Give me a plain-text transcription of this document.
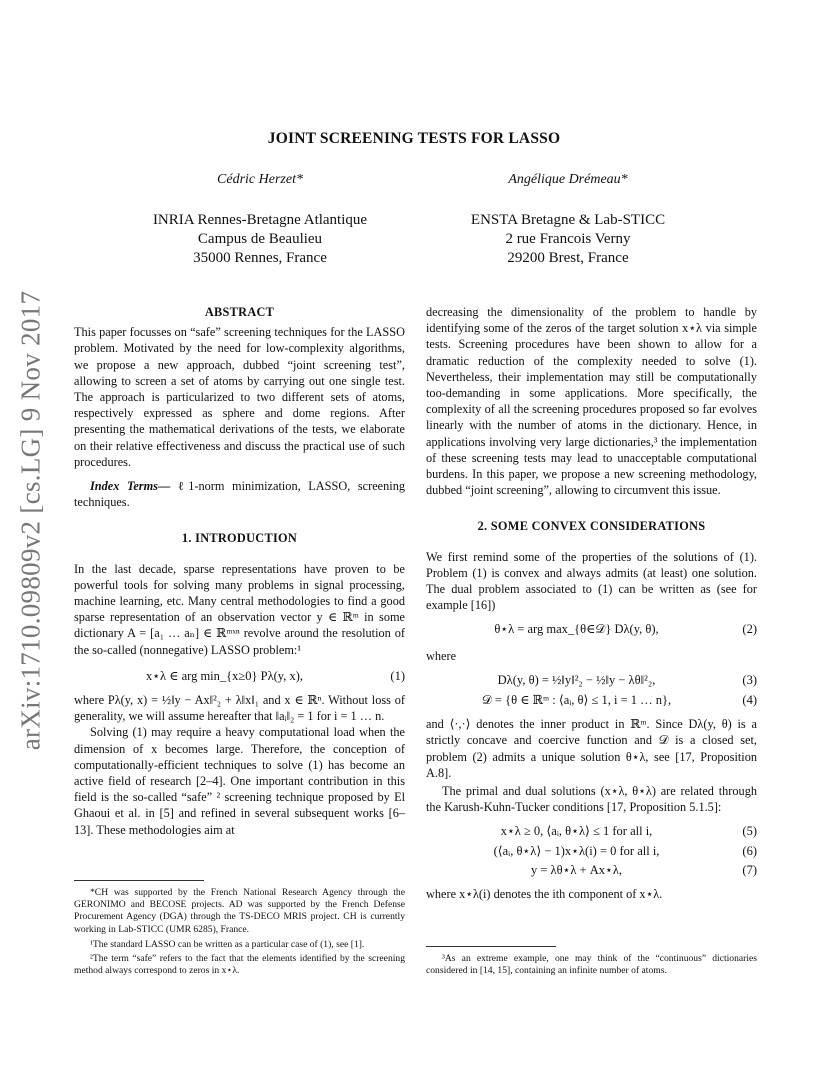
arXiv:1710.09809v2 [cs.LG] 9 Nov 2017
JOINT SCREENING TESTS FOR LASSO
Cédric Herzet*	Angélique Drémeau*
INRIA Rennes-Bretagne Atlantique
Campus de Beaulieu
35000 Rennes, France
ENSTA Bretagne & Lab-STICC
2 rue Francois Verny
29200 Brest, France
ABSTRACT

This paper focusses on “safe” screening techniques for the LASSO problem. Motivated by the need for low-complexity algorithms, we propose a new approach, dubbed “joint screening test”, allowing to screen a set of atoms by carrying out one single test. The approach is particularized to two different sets of atoms, respectively expressed as sphere and dome regions. After presenting the mathematical derivations of the tests, we elaborate on their relative effectiveness and discuss the practical use of such procedures.

Index Terms— ℓ1-norm minimization, LASSO, screening techniques.

1. INTRODUCTION

In the last decade, sparse representations have proven to be powerful tools for solving many problems in signal processing, machine learning, etc. Many central methodologies to find a good sparse representation of an observation vector y ∈ ℝᵐ in some dictionary A = [a₁ … aₙ] ∈ ℝᵐˣⁿ revolve around the resolution of the so-called (nonnegative) LASSO problem:¹

x⋆λ ∈ arg min_{x≥0} Pλ(y, x),	(1)

where Pλ(y, x) = ½‖y − Ax‖²₂ + λ‖x‖₁ and x ∈ ℝⁿ. Without loss of generality, we will assume hereafter that ‖aᵢ‖₂ = 1 for i = 1 … n.

Solving (1) may require a heavy computational load when the dimension of x becomes large. Therefore, the conception of computationally-efficient techniques to solve (1) has become an active field of research [2–4]. One important contribution in this field is the so-called “safe” ² screening technique proposed by El Ghaoui et al. in [5] and refined in several subsequent works [6–13]. These methodologies aim at

*CH was supported by the French National Research Agency through the GERONIMO and BECOSE projects. AD was supported by the French Defense Procurement Agency (DGA) through the TS-DECO MRIS project. CH is currently working in Lab-STICC (UMR 6285), France.

¹The standard LASSO can be written as a particular case of (1), see [1].

²The term “safe” refers to the fact that the elements identified by the screening method always correspond to zeros in x⋆λ.

decreasing the dimensionality of the problem to handle by identifying some of the zeros of the target solution x⋆λ via simple tests. Screening procedures have been shown to allow for a dramatic reduction of the complexity needed to solve (1). Nevertheless, their implementation may still be computationally too-demanding in some applications. More specifically, the complexity of all the screening procedures proposed so far evolves linearly with the number of atoms in the dictionary. Hence, in applications involving very large dictionaries,³ the implementation of these screening tests may lead to unacceptable computational burdens. In this paper, we propose a new screening methodology, dubbed “joint screening”, allowing to circumvent this issue.

2. SOME CONVEX CONSIDERATIONS

We first remind some of the properties of the solutions of (1). Problem (1) is convex and always admits (at least) one solution. The dual problem associated to (1) can be written as (see for example [16])

θ⋆λ = arg max_{θ∈𝒟} Dλ(y, θ),	(2)

where

Dλ(y, θ) = ½‖y‖²₂ − ½‖y − λθ‖²₂,	(3)
𝒟 = {θ ∈ ℝᵐ : ⟨aᵢ, θ⟩ ≤ 1, i = 1 … n},	(4)

and ⟨·,·⟩ denotes the inner product in ℝᵐ. Since Dλ(y, θ) is a strictly concave and coercive function and 𝒟 is a closed set, problem (2) admits a unique solution θ⋆λ, see [17, Proposition A.8].

The primal and dual solutions (x⋆λ, θ⋆λ) are related through the Karush-Kuhn-Tucker conditions [17, Proposition 5.1.5]:

x⋆λ ≥ 0, ⟨aᵢ, θ⋆λ⟩ ≤ 1 for all i,	(5)
(⟨aᵢ, θ⋆λ⟩ − 1)x⋆λ(i) = 0 for all i,	(6)
y = λθ⋆λ + Ax⋆λ,	(7)

where x⋆λ(i) denotes the ith component of x⋆λ.

³As an extreme example, one may think of the “continuous” dictionaries considered in [14, 15], containing an infinite number of atoms.
